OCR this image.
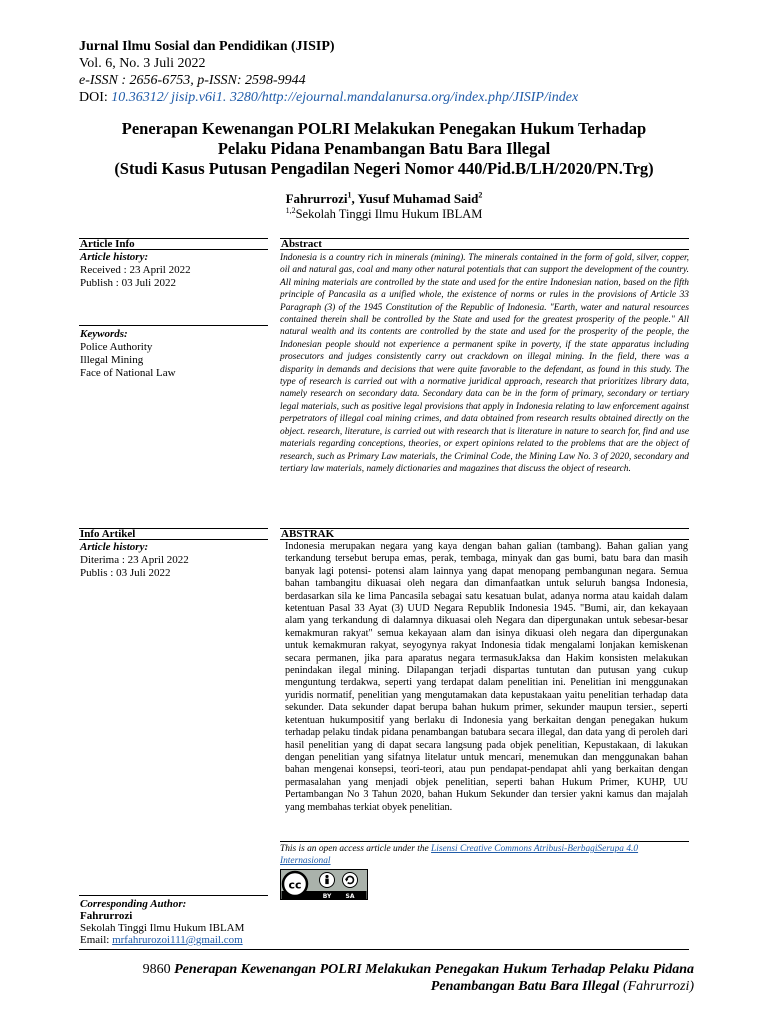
Jurnal Ilmu Sosial dan Pendidikan (JISIP)
Vol. 6, No. 3 Juli 2022
e-ISSN : 2656-6753, p-ISSN: 2598-9944
DOI: 10.36312/ jisip.v6i1. 3280/http://ejournal.mandalanursa.org/index.php/JISIP/index
Penerapan Kewenangan POLRI Melakukan Penegakan Hukum Terhadap
Pelaku Pidana Penambangan Batu Bara Illegal
(Studi Kasus Putusan Pengadilan Negeri Nomor 440/Pid.B/LH/2020/PN.Trg)
Fahrurrozi$^1$, Yusuf Muhamad Said$^2$
$^{1,2}$Sekolah Tinggi Ilmu Hukum IBLAM
Article Info
Article history:
Received : 23 April 2022
Publish : 03 Juli 2022
Keywords:
Police Authority
Illegal Mining
Face of National Law
Abstract
Indonesia is a country rich in minerals (mining). The minerals contained in the form of gold, silver, copper, oil and natural gas, coal and many other natural potentials that can support the development of the country. All mining materials are controlled by the state and used for the entire Indonesian nation, based on the fifth principle of Pancasila as a unified whole, the existence of norms or rules in the provisions of Article 33 Paragraph (3) of the 1945 Constitution of the Republic of Indonesia. "Earth, water and natural resources contained therein shall be controlled by the State and used for the greatest prosperity of the people." All natural wealth and its contents are controlled by the state and used for the prosperity of the people, the Indonesian people should not experience a permanent spike in poverty, if the state apparatus including prosecutors and judges consistently carry out crackdown on illegal mining. In the field, there was a disparity in demands and decisions that were quite favorable to the defendant, as found in this study. The type of research is carried out with a normative juridical approach, research that prioritizes library data, namely research on secondary data. Secondary data can be in the form of primary, secondary or tertiary legal materials, such as positive legal provisions that apply in Indonesia relating to law enforcement against perpetrators of illegal coal mining crimes, and data obtained from research results obtained directly on the object. research, literature, is carried out with research that is literature in nature to search for, find and use materials regarding conceptions, theories, or expert opinions related to the problems that are the object of research, such as Primary Law materials, the Criminal Code, the Mining Law No. 3 of 2020, secondary and tertiary law materials, namely dictionaries and magazines that discuss the object of research.
Info Artikel
Article history:
Diterima : 23 April 2022
Publis : 03 Juli 2022
ABSTRAK
Indonesia merupakan negara yang kaya dengan bahan galian (tambang). Bahan galian yang terkandung tersebut berupa emas, perak, tembaga, minyak dan gas bumi, batu bara dan masih banyak lagi potensi- potensi alam lainnya yang dapat menopang pembangunan negara. Semua bahan tambangitu dikuasai oleh negara dan dimanfaatkan untuk seluruh bangsa Indonesia, berdasarkan sila ke lima Pancasila sebagai satu kesatuan bulat, adanya norma atau kaidah dalam ketentuan Pasal 33 Ayat (3) UUD Negara Republik Indonesia 1945. "Bumi, air, dan kekayaan alam yang terkandung di dalamnya dikuasai oleh Negara dan dipergunakan untuk sebesar-besar kemakmuran rakyat" semua kekayaan alam dan isinya dikuasi oleh negara dan dipergunakan untuk kemakmuran rakyat, seyogynya rakyat Indonesia tidak mengalami lonjakan kemiskenan secara permanen, jika para aparatus negara termasukJaksa dan Hakim konsisten melakukan penindakan ilegal mining. Dilapangan terjadi dispartas tuntutan dan putusan yang cukup menguntung terdakwa, seperti yang terdapat dalam penelitian ini. Penelitian ini menggunakan yuridis normatif, penelitian yang mengutamakan data kepustakaan yaitu penelitian terhadap data sekunder. Data sekunder dapat berupa bahan hukum primer, sekunder maupun tersier., seperti ketentuan hukumpositif yang berlaku di Indonesia yang berkaitan dengan penegakan hukum terhadap pelaku tindak pidana penambangan batubara secara illegal, dan data yang di peroleh dari hasil penelitian yang di dapat secara langsung pada objek penelitian, Kepustakaan, di lakukan dengan penelitian yang sifatnya litelatur untuk mencari, menemukan dan menggunakan bahan bahan mengenai konsepsi, teori-teori, atau pun pendapat-pendapat ahli yang berkaitan dengan permasalahan yang menjadi objek penelitian, seperti bahan Hukum Primer, KUHP, UU Pertambangan No 3 Tahun 2020, bahan Hukum Sekunder dan tersier yakni kamus dan majalah yang membahas terkiat obyek penelitian.
This is an open access article under the Lisensi Creative Commons Atribusi-BerbagiSerupa 4.0 Internasional
cc
BY SA
Corresponding Author:
Fahrurrozi
Sekolah Tinggi Ilmu Hukum IBLAM
Email: mrfahrurozoi111@gmail.com
9860 Penerapan Kewenangan POLRI Melakukan Penegakan Hukum Terhadap Pelaku Pidana
Penambangan Batu Bara Illegal (Fahrurrozi)
